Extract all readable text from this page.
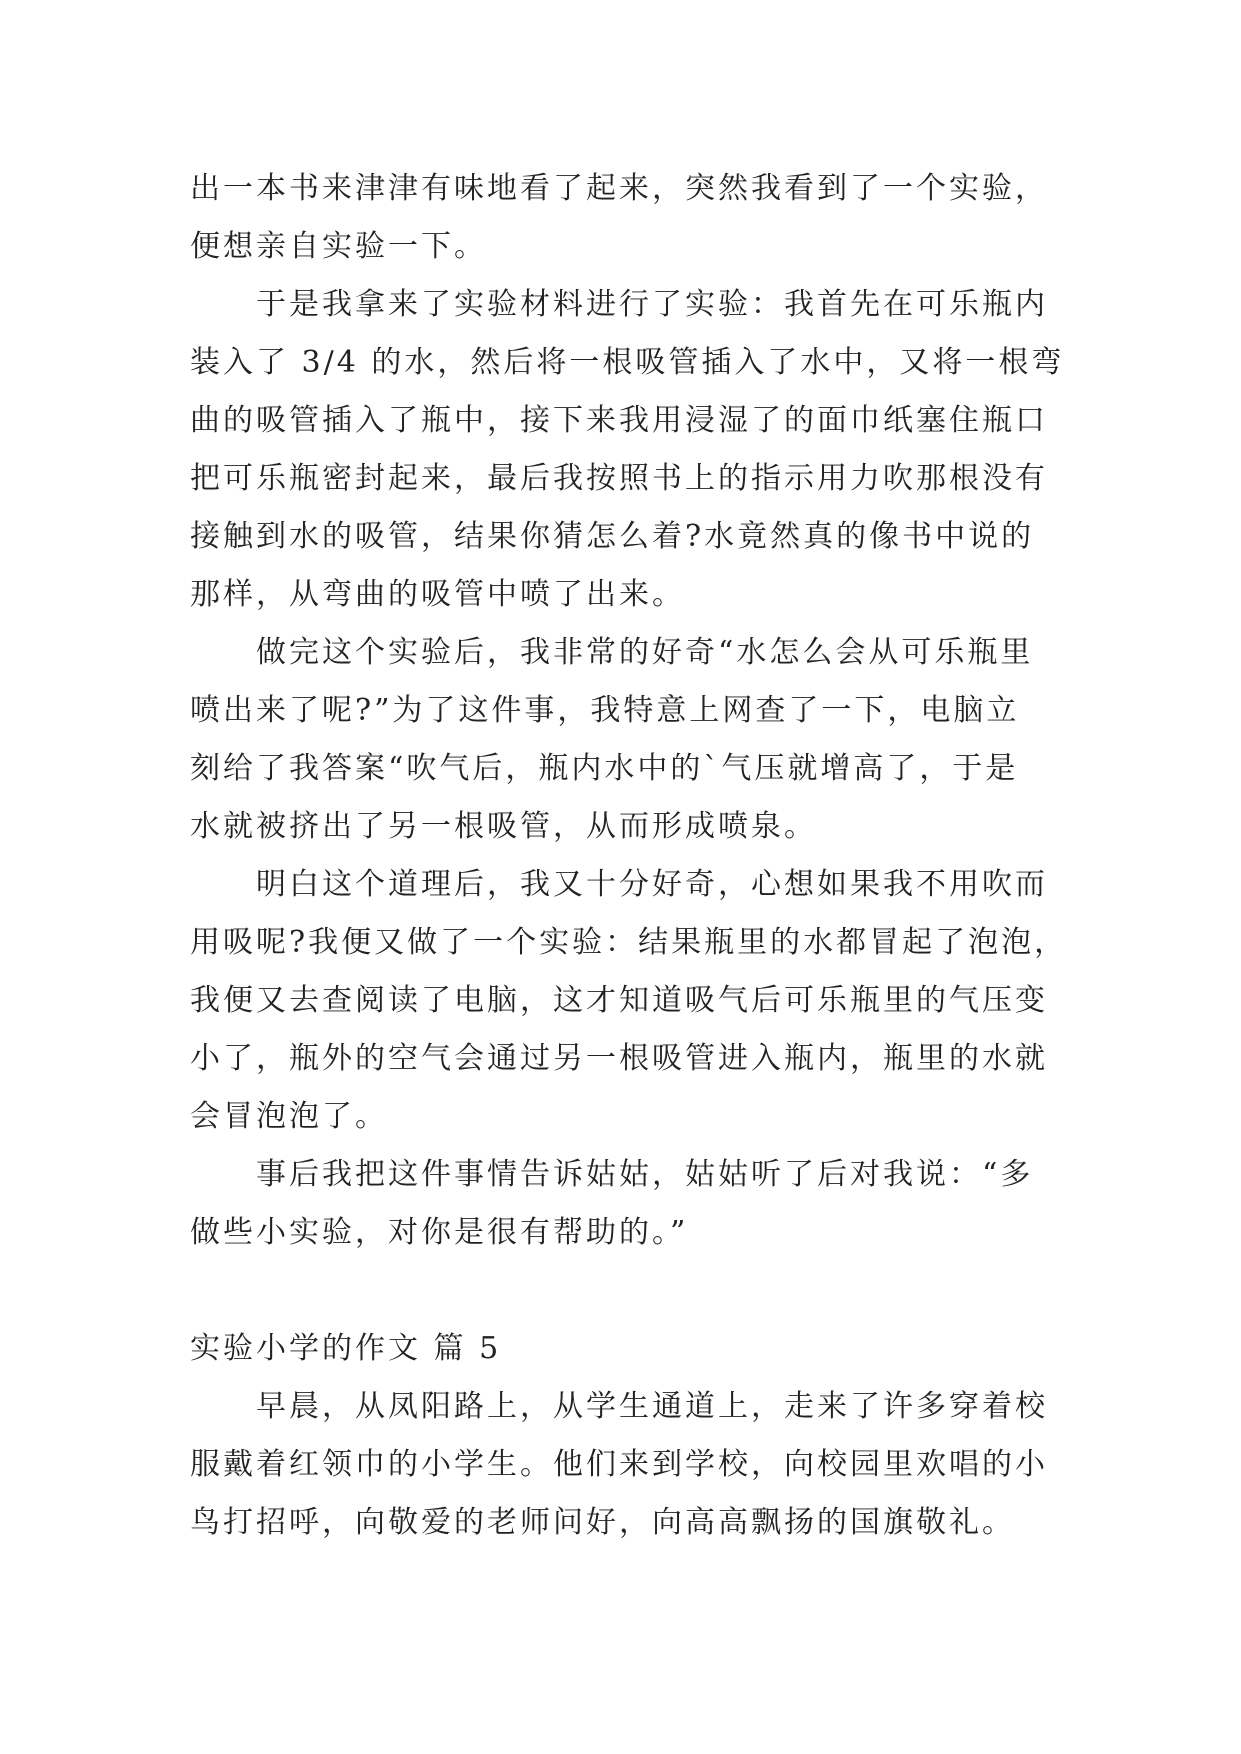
出一本书来津津有味地看了起来，突然我看到了一个实验，
便想亲自实验一下。
　　于是我拿来了实验材料进行了实验：我首先在可乐瓶内
装入了 3/4 的水，然后将一根吸管插入了水中，又将一根弯
曲的吸管插入了瓶中，接下来我用浸湿了的面巾纸塞住瓶口
把可乐瓶密封起来，最后我按照书上的指示用力吹那根没有
接触到水的吸管，结果你猜怎么着?水竟然真的像书中说的
那样，从弯曲的吸管中喷了出来。
　　做完这个实验后，我非常的好奇“水怎么会从可乐瓶里
喷出来了呢?”为了这件事，我特意上网查了一下，电脑立
刻给了我答案“吹气后，瓶内水中的`气压就增高了，于是
水就被挤出了另一根吸管，从而形成喷泉。
　　明白这个道理后，我又十分好奇，心想如果我不用吹而
用吸呢?我便又做了一个实验：结果瓶里的水都冒起了泡泡，
我便又去查阅读了电脑，这才知道吸气后可乐瓶里的气压变
小了，瓶外的空气会通过另一根吸管进入瓶内，瓶里的水就
会冒泡泡了。
　　事后我把这件事情告诉姑姑，姑姑听了后对我说：“多
做些小实验，对你是很有帮助的。”
实验小学的作文 篇 5
　　早晨，从凤阳路上，从学生通道上，走来了许多穿着校
服戴着红领巾的小学生。他们来到学校，向校园里欢唱的小
鸟打招呼，向敬爱的老师问好，向高高飘扬的国旗敬礼。
